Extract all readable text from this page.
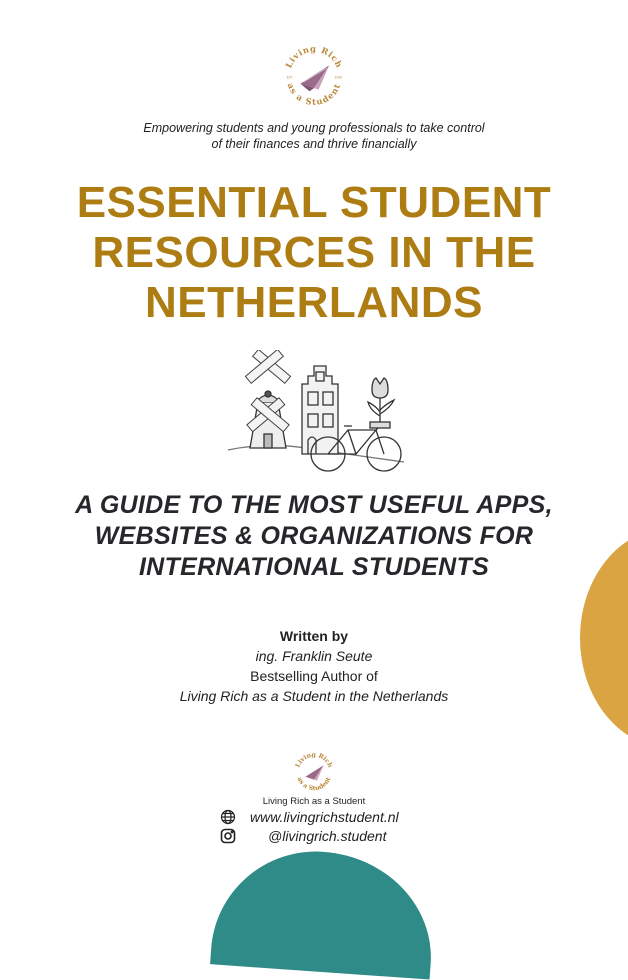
Living Rich
as a Student
EST.	2020
Empowering students and young professionals to take control
of their finances and thrive financially
ESSENTIAL STUDENT
RESOURCES IN THE
NETHERLANDS
A GUIDE TO THE MOST USEFUL APPS,
WEBSITES & ORGANIZATIONS FOR
INTERNATIONAL STUDENTS
Written by
ing. Franklin Seute
Bestselling Author of
Living Rich as a Student in the Netherlands
Living Rich
as a Student
Living Rich as a Student
www.livingrichstudent.nl
@livingrich.student
